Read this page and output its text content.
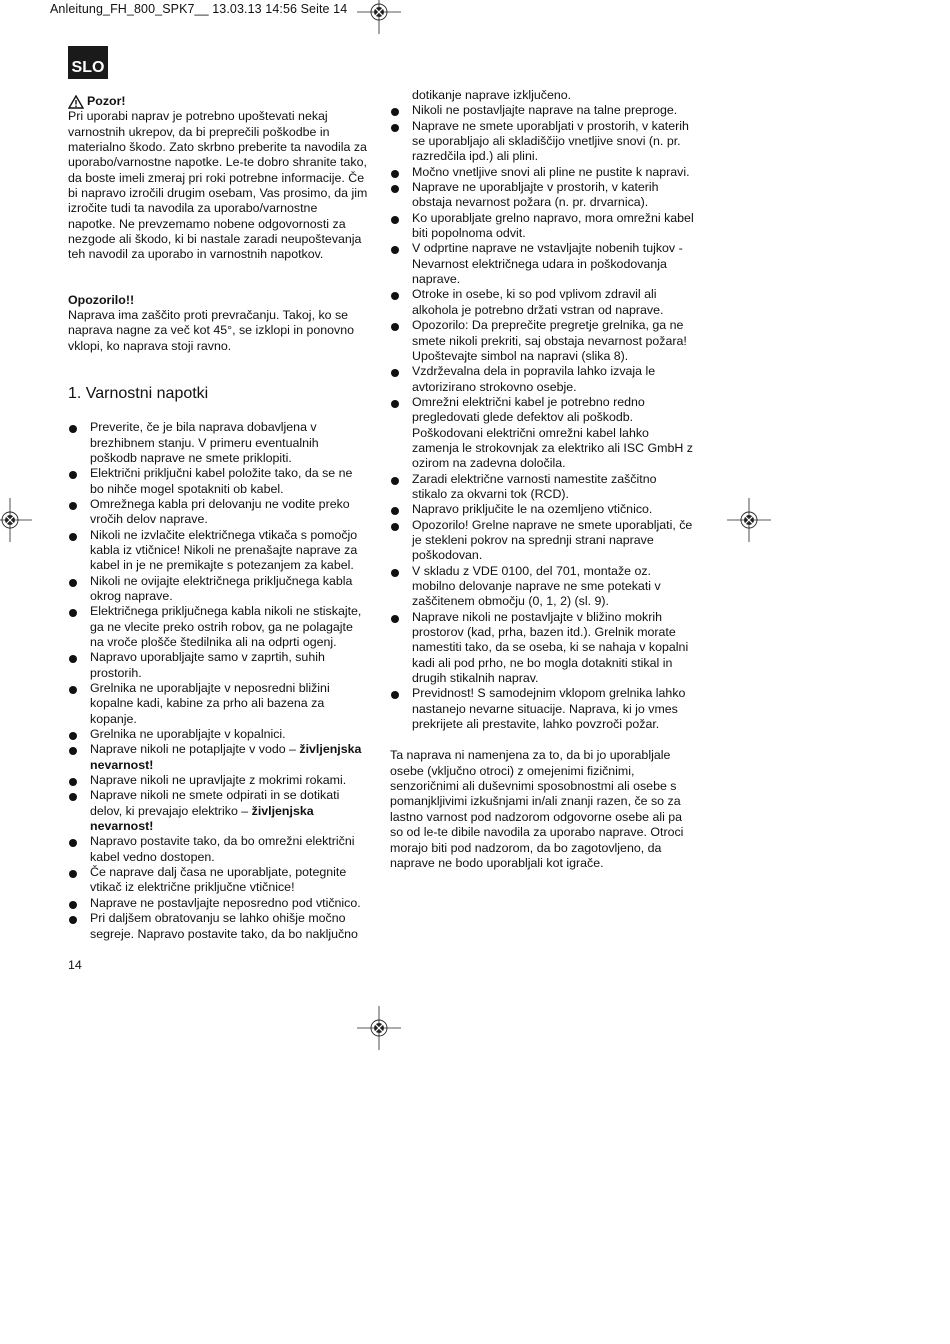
Anleitung_FH_800_SPK7__ 13.03.13 14:56 Seite 14
SLO
Pozor!

Pri uporabi naprav je potrebno upoštevati nekaj varnostnih ukrepov, da bi preprečili poškodbe in materialno škodo. Zato skrbno preberite ta navodila za uporabo/varnostne napotke. Le-te dobro shranite tako, da boste imeli zmeraj pri roki potrebne informacije. Če bi napravo izročili drugim osebam, Vas prosimo, da jim izročite tudi ta navodila za uporabo/varnostne napotke. Ne prevzemamo nobene odgovornosti za nezgode ali škodo, ki bi nastale zaradi neupoštevanja teh navodil za uporabo in varnostnih napotkov.

Opozorilo!!

Naprava ima zaščito proti prevračanju. Takoj, ko se naprava nagne za več kot 45°, se izklopi in ponovno vklopi, ko naprava stoji ravno.

1. Varnostni napotki
Preverite, če je bila naprava dobavljena v brezhibnem stanju. V primeru eventualnih poškodb naprave ne smete priklopiti.
Električni priključni kabel položite tako, da se ne bo nihče mogel spotakniti ob kabel.
Omrežnega kabla pri delovanju ne vodite preko vročih delov naprave.
Nikoli ne izvlačite električnega vtikača s pomočjo kabla iz vtičnice! Nikoli ne prenašajte naprave za kabel in je ne premikajte s potezanjem za kabel.
Nikoli ne ovijajte električnega priključnega kabla okrog naprave.
Električnega priključnega kabla nikoli ne stiskajte, ga ne vlecite preko ostrih robov, ga ne polagajte na vroče plošče štedilnika ali na odprti ogenj.
Napravo uporabljajte samo v zaprtih, suhih prostorih.
Grelnika ne uporabljajte v neposredni bližini kopalne kadi, kabine za prho ali bazena za kopanje.
Grelnika ne uporabljajte v kopalnici.
Naprave nikoli ne potapljajte v vodo – življenjska nevarnost!
Naprave nikoli ne upravljajte z mokrimi rokami.
Naprave nikoli ne smete odpirati in se dotikati delov, ki prevajajo elektriko – življenjska nevarnost!
Napravo postavite tako, da bo omrežni električni kabel vedno dostopen.
Če naprave dalj časa ne uporabljate, potegnite vtikač iz električne priključne vtičnice!
Naprave ne postavljajte neposredno pod vtičnico.
Pri daljšem obratovanju se lahko ohišje močno segreje. Napravo postavite tako, da bo naključno
dotikanje naprave izključeno.
Nikoli ne postavljajte naprave na talne preproge.
Naprave ne smete uporabljati v prostorih, v katerih se uporabljajo ali skladiščijo vnetljive snovi (n. pr. razredčila ipd.) ali plini.
Močno vnetljive snovi ali pline ne pustite k napravi.
Naprave ne uporabljajte v prostorih, v katerih obstaja nevarnost požara (n. pr. drvarnica).
Ko uporabljate grelno napravo, mora omrežni kabel biti popolnoma odvit.
V odprtine naprave ne vstavljajte nobenih tujkov - Nevarnost električnega udara in poškodovanja naprave.
Otroke in osebe, ki so pod vplivom zdravil ali alkohola je potrebno držati vstran od naprave.
Opozorilo: Da preprečite pregretje grelnika, ga ne smete nikoli prekriti, saj obstaja nevarnost požara! Upoštevajte simbol na napravi (slika 8).
Vzdrževalna dela in popravila lahko izvaja le avtorizirano strokovno osebje.
Omrežni električni kabel je potrebno redno pregledovati glede defektov ali poškodb. Poškodovani električni omrežni kabel lahko zamenja le strokovnjak za elektriko ali ISC GmbH z ozirom na zadevna določila.
Zaradi električne varnosti namestite zaščitno stikalo za okvarni tok (RCD).
Napravo priključite le na ozemljeno vtičnico.
Opozorilo! Grelne naprave ne smete uporabljati, če je stekleni pokrov na sprednji strani naprave poškodovan.
V skladu z VDE 0100, del 701, montaže oz. mobilno delovanje naprave ne sme potekati v zaščitenem območju (0, 1, 2) (sl. 9).
Naprave nikoli ne postavljajte v bližino mokrih prostorov (kad, prha, bazen itd.). Grelnik morate namestiti tako, da se oseba, ki se nahaja v kopalni kadi ali pod prho, ne bo mogla dotakniti stikal in drugih stikalnih naprav.
Previdnost! S samodejnim vklopom grelnika lahko nastanejo nevarne situacije. Naprava, ki jo vmes prekrijete ali prestavite, lahko povzroči požar.

Ta naprava ni namenjena za to, da bi jo uporabljale osebe (vključno otroci) z omejenimi fizičnimi, senzoričnimi ali duševnimi sposobnostmi ali osebe s pomanjkljivimi izkušnjami in/ali znanji razen, če so za lastno varnost pod nadzorom odgovorne osebe ali pa so od le-te dibile navodila za uporabo naprave. Otroci morajo biti pod nadzorom, da bo zagotovljeno, da naprave ne bodo uporabljali kot igrače.

14
